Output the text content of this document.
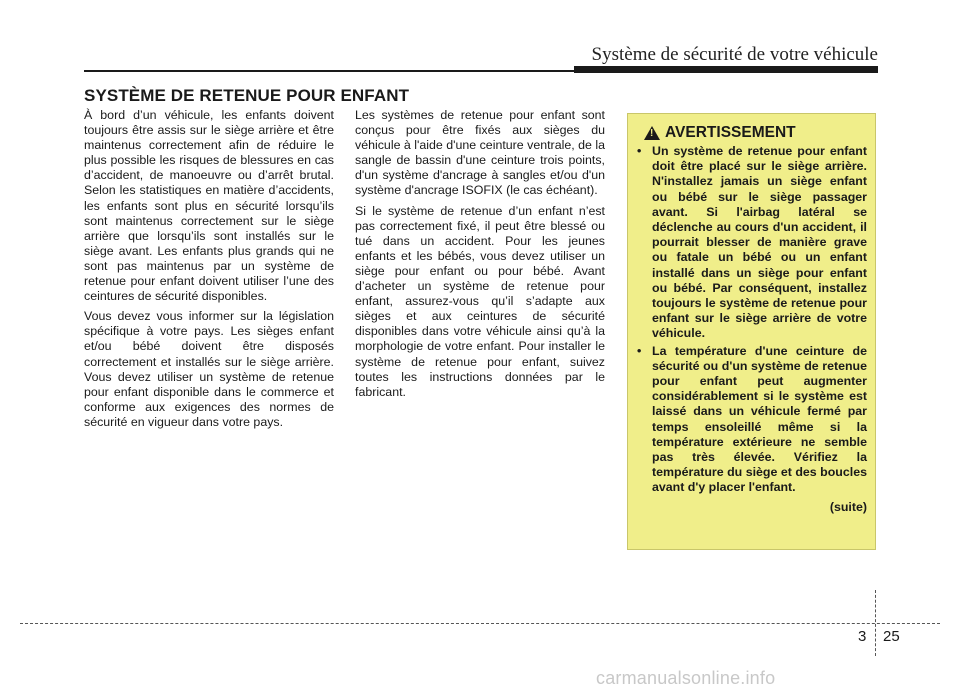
Système de sécurité de votre véhicule
SYSTÈME DE RETENUE POUR ENFANT

À bord d’un véhicule, les enfants doivent toujours être assis sur le siège arrière et être maintenus correctement afin de réduire le plus possible les risques de blessures en cas d’accident, de manoeuvre ou d’arrêt brutal. Selon les statistiques en matière d’accidents, les enfants sont plus en sécurité lorsqu’ils sont maintenus correctement sur le siège arrière que lorsqu’ils sont installés sur le siège avant. Les enfants plus grands qui ne sont pas maintenus par un système de retenue pour enfant doivent utiliser l’une des ceintures de sécurité disponibles.

Vous devez vous informer sur la législation spécifique à votre pays. Les sièges enfant et/ou bébé doivent être disposés correctement et installés sur le siège arrière. Vous devez utiliser un système de retenue pour enfant disponible dans le commerce et conforme aux exigences des normes de sécurité en vigueur dans votre pays.

Les systèmes de retenue pour enfant sont conçus pour être fixés aux sièges du véhicule à l'aide d'une ceinture ventrale, de la sangle de bassin d'une ceinture trois points, d'un système d'ancrage à sangles et/ou d'un système d'ancrage ISOFIX (le cas échéant).

Si le système de retenue d’un enfant n’est pas correctement fixé, il peut être blessé ou tué dans un accident. Pour les jeunes enfants et les bébés, vous devez utiliser un siège pour enfant ou pour bébé. Avant d’acheter un système de retenue pour enfant, assurez-vous qu’il s’adapte aux sièges et aux ceintures de sécurité disponibles dans votre véhicule ainsi qu’à la morphologie de votre enfant. Pour installer le système de retenue pour enfant, suivez toutes les instructions données par le fabricant.

! AVERTISSEMENT
• Un système de retenue pour enfant doit être placé sur le siège arrière. N'installez jamais un siège enfant ou bébé sur le siège passager avant. Si l'airbag latéral se déclenche au cours d'un accident, il pourrait blesser de manière grave ou fatale un bébé ou un enfant installé dans un siège pour enfant ou bébé. Par conséquent, installez toujours le système de retenue pour enfant sur le siège arrière de votre véhicule.
• La température d'une ceinture de sécurité ou d'un système de retenue pour enfant peut augmenter considérablement si le système est laissé dans un véhicule fermé par temps ensoleillé même si la température extérieure ne semble pas très élevée. Vérifiez la température du siège et des boucles avant d'y placer l'enfant.
(suite)
3 25
carmanualsonline.info
